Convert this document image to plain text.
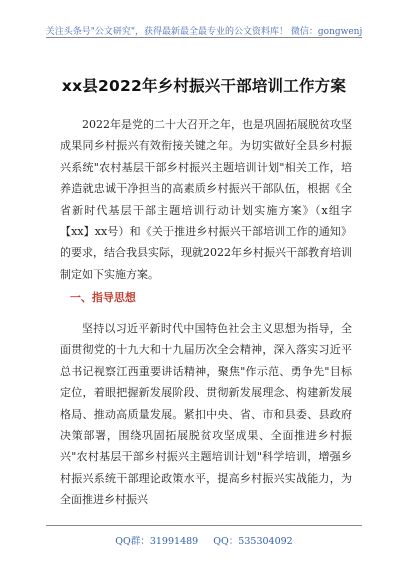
关注头条号"公文研究"，获得最新最全最专业的公文资料库！ 微信：gongwenj
xx县2022年乡村振兴干部培训工作方案
2022年是党的二十大召开之年，也是巩固拓展脱贫攻坚成果同乡村振兴有效衔接关键之年。为切实做好全县乡村振兴系统"农村基层干部乡村振兴主题培训计划"相关工作，培养造就忠诚干净担当的高素质乡村振兴干部队伍，根据《全省新时代基层干部主题培训行动计划实施方案》（x组字【xx】xx号）和《关于推进乡村振兴干部培训工作的通知》的要求，结合我县实际，现就2022年乡村振兴干部教育培训制定如下实施方案。
一、指导思想
坚持以习近平新时代中国特色社会主义思想为指导，全面贯彻党的十九大和十九届历次全会精神，深入落实习近平总书记视察江西重要讲话精神，聚焦"作示范、勇争先"目标定位，着眼把握新发展阶段、贯彻新发展理念、构建新发展格局、推动高质量发展。紧扣中央、省、市和县委、县政府决策部署，围绕巩固拓展脱贫攻坚成果、全面推进乡村振兴"农村基层干部乡村振兴主题培训计划"科学培训，增强乡村振兴系统干部理论政策水平，提高乡村振兴实战能力，为全面推进乡村振兴
QQ群：31991489 QQ：535304092
